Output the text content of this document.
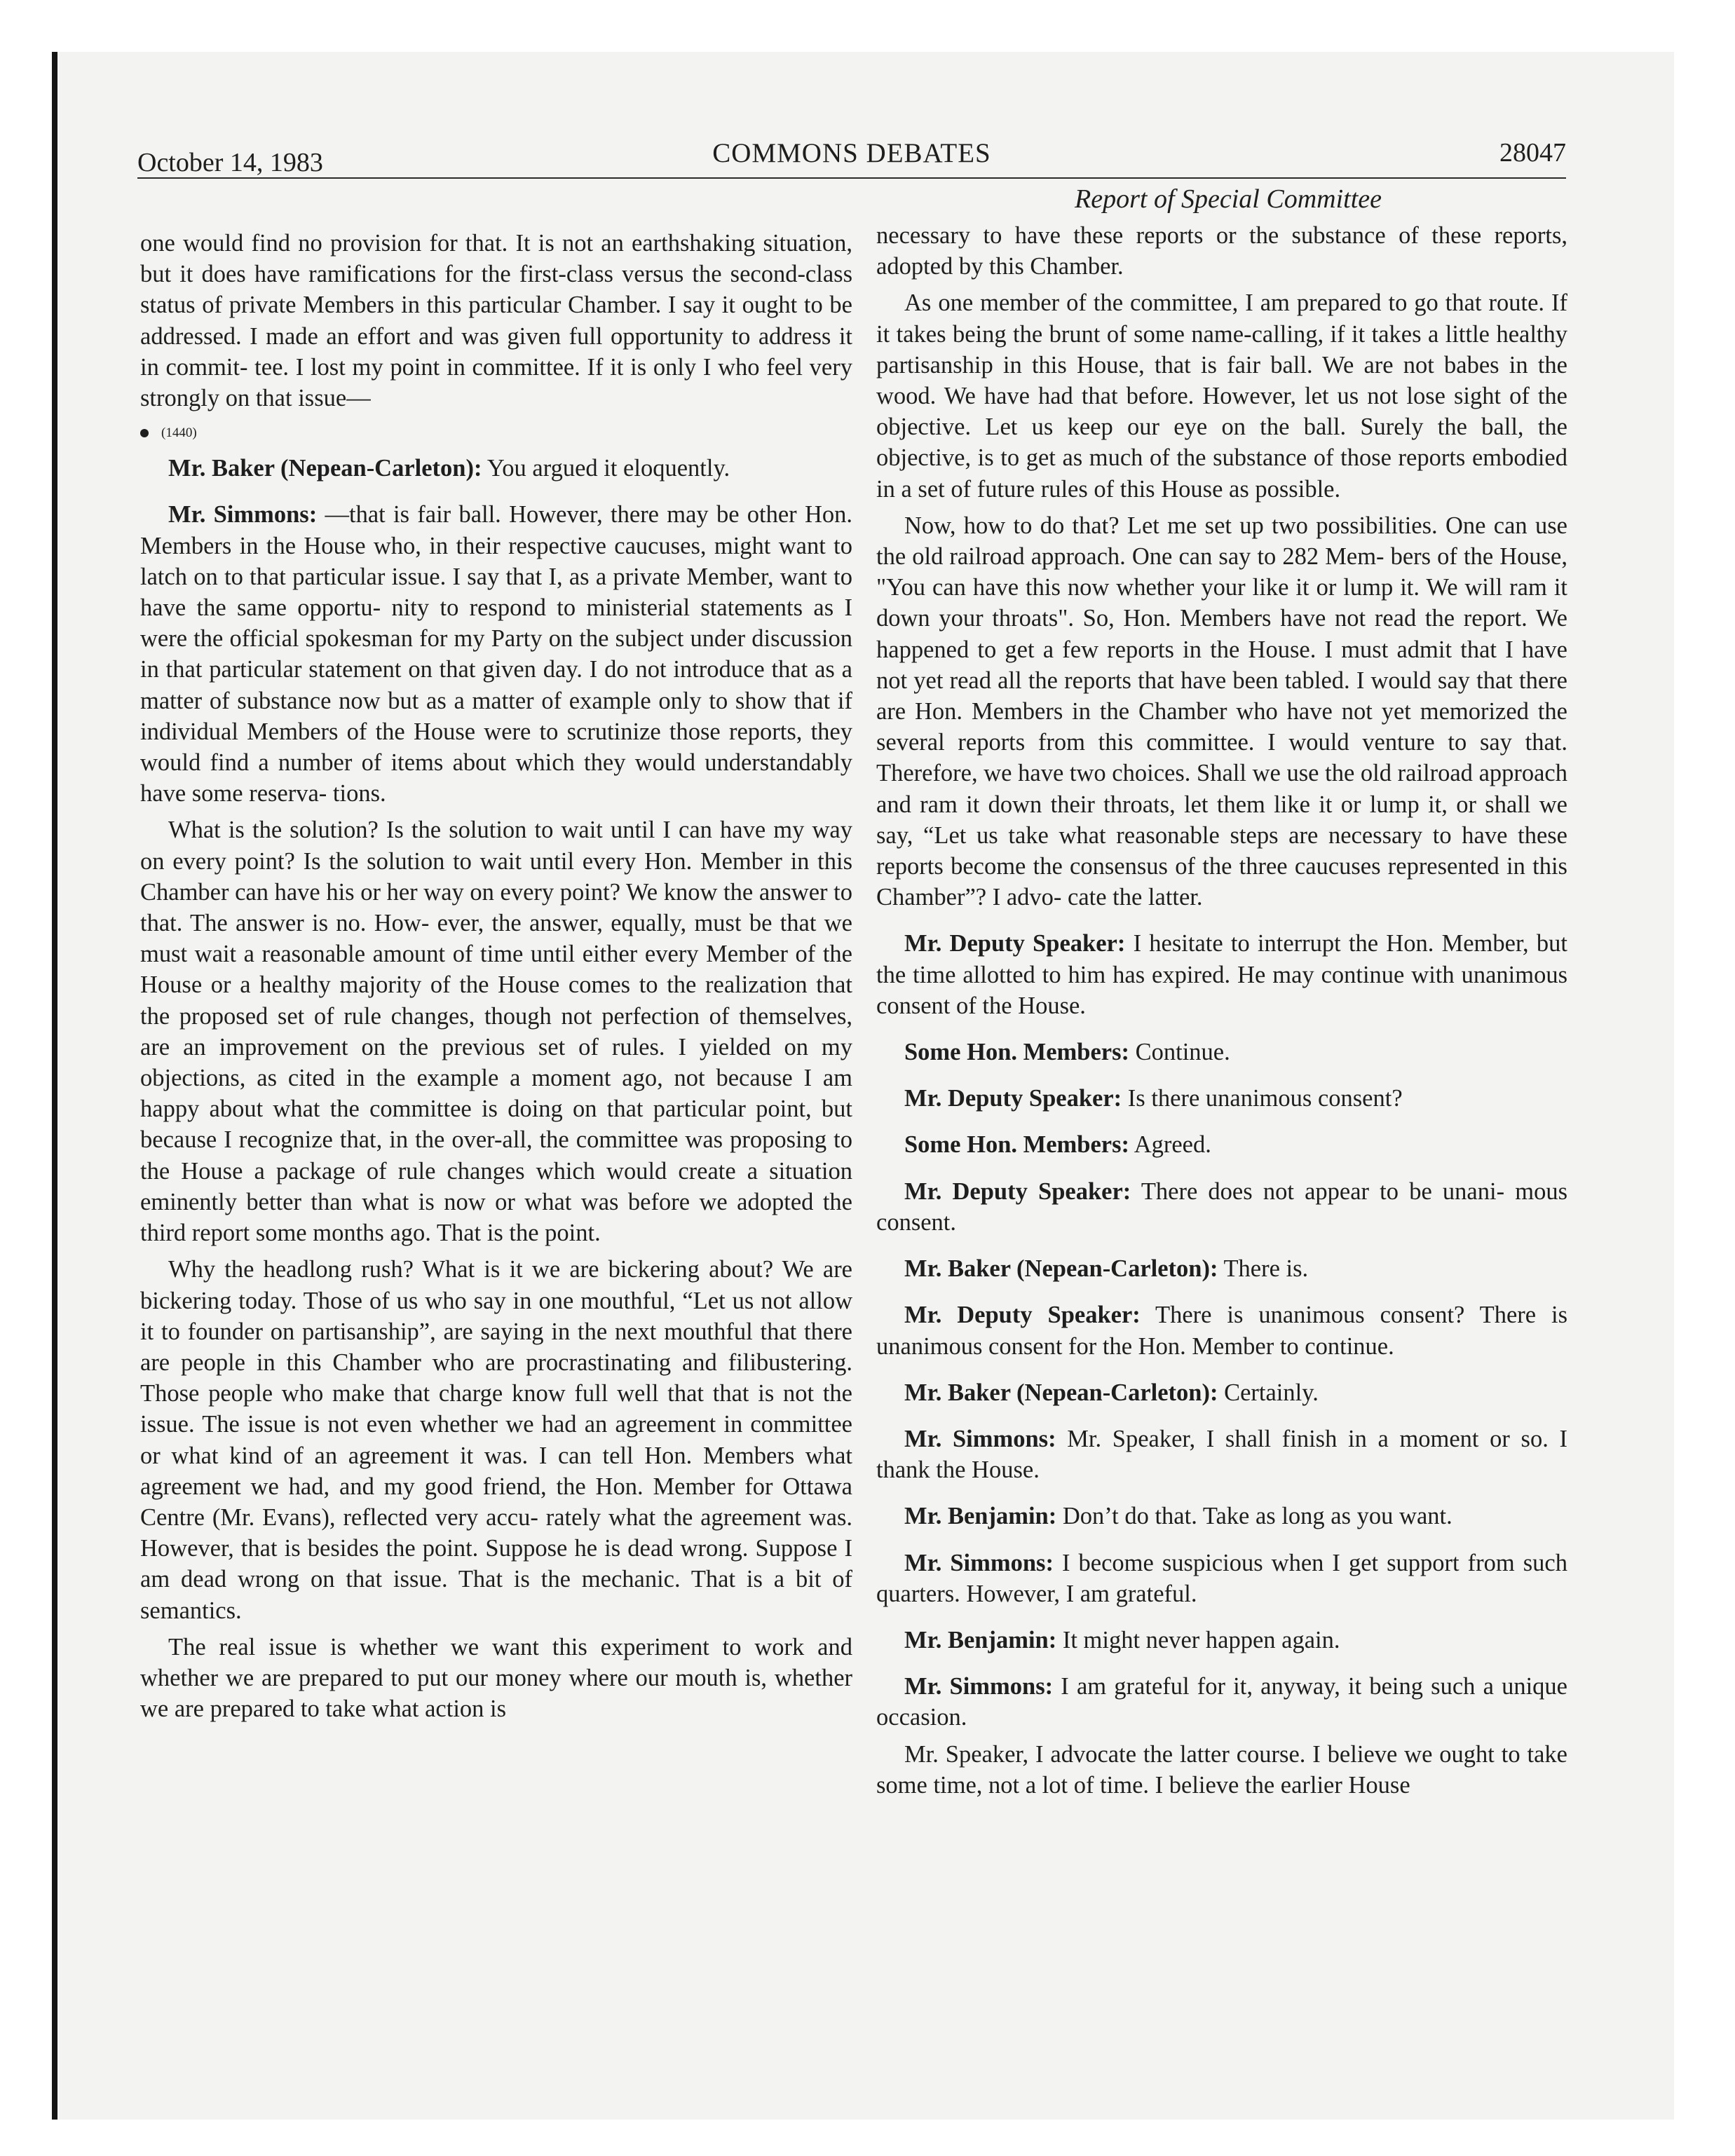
October 14, 1983	COMMONS DEBATES	28047
Report of Special Committee

one would find no provision for that. It is not an earthshaking situation, but it does have ramifications for the first-class versus the second-class status of private Members in this particular Chamber. I say it ought to be addressed. I made an effort and was given full opportunity to address it in commit- tee. I lost my point in committee. If it is only I who feel very strongly on that issue—

(1440)

Mr. Baker (Nepean-Carleton): You argued it eloquently.

Mr. Simmons: —that is fair ball. However, there may be other Hon. Members in the House who, in their respective caucuses, might want to latch on to that particular issue. I say that I, as a private Member, want to have the same opportu- nity to respond to ministerial statements as I were the official spokesman for my Party on the subject under discussion in that particular statement on that given day. I do not introduce that as a matter of substance now but as a matter of example only to show that if individual Members of the House were to scrutinize those reports, they would find a number of items about which they would understandably have some reserva- tions.

What is the solution? Is the solution to wait until I can have my way on every point? Is the solution to wait until every Hon. Member in this Chamber can have his or her way on every point? We know the answer to that. The answer is no. How- ever, the answer, equally, must be that we must wait a reasonable amount of time until either every Member of the House or a healthy majority of the House comes to the realization that the proposed set of rule changes, though not perfection of themselves, are an improvement on the previous set of rules. I yielded on my objections, as cited in the example a moment ago, not because I am happy about what the committee is doing on that particular point, but because I recognize that, in the over-all, the committee was proposing to the House a package of rule changes which would create a situation eminently better than what is now or what was before we adopted the third report some months ago. That is the point.

Why the headlong rush? What is it we are bickering about? We are bickering today. Those of us who say in one mouthful, “Let us not allow it to founder on partisanship”, are saying in the next mouthful that there are people in this Chamber who are procrastinating and filibustering. Those people who make that charge know full well that that is not the issue. The issue is not even whether we had an agreement in committee or what kind of an agreement it was. I can tell Hon. Members what agreement we had, and my good friend, the Hon. Member for Ottawa Centre (Mr. Evans), reflected very accu- rately what the agreement was. However, that is besides the point. Suppose he is dead wrong. Suppose I am dead wrong on that issue. That is the mechanic. That is a bit of semantics.

The real issue is whether we want this experiment to work and whether we are prepared to put our money where our mouth is, whether we are prepared to take what action is

necessary to have these reports or the substance of these reports, adopted by this Chamber.

As one member of the committee, I am prepared to go that route. If it takes being the brunt of some name-calling, if it takes a little healthy partisanship in this House, that is fair ball. We are not babes in the wood. We have had that before. However, let us not lose sight of the objective. Let us keep our eye on the ball. Surely the ball, the objective, is to get as much of the substance of those reports embodied in a set of future rules of this House as possible.

Now, how to do that? Let me set up two possibilities. One can use the old railroad approach. One can say to 282 Mem- bers of the House, "You can have this now whether your like it or lump it. We will ram it down your throats". So, Hon. Members have not read the report. We happened to get a few reports in the House. I must admit that I have not yet read all the reports that have been tabled. I would say that there are Hon. Members in the Chamber who have not yet memorized the several reports from this committee. I would venture to say that. Therefore, we have two choices. Shall we use the old railroad approach and ram it down their throats, let them like it or lump it, or shall we say, “Let us take what reasonable steps are necessary to have these reports become the consensus of the three caucuses represented in this Chamber”? I advo- cate the latter.

Mr. Deputy Speaker: I hesitate to interrupt the Hon. Member, but the time allotted to him has expired. He may continue with unanimous consent of the House.

Some Hon. Members: Continue.

Mr. Deputy Speaker: Is there unanimous consent?

Some Hon. Members: Agreed.

Mr. Deputy Speaker: There does not appear to be unani- mous consent.

Mr. Baker (Nepean-Carleton): There is.

Mr. Deputy Speaker: There is unanimous consent? There is unanimous consent for the Hon. Member to continue.

Mr. Baker (Nepean-Carleton): Certainly.

Mr. Simmons: Mr. Speaker, I shall finish in a moment or so. I thank the House.

Mr. Benjamin: Don’t do that. Take as long as you want.

Mr. Simmons: I become suspicious when I get support from such quarters. However, I am grateful.

Mr. Benjamin: It might never happen again.

Mr. Simmons: I am grateful for it, anyway, it being such a unique occasion.

Mr. Speaker, I advocate the latter course. I believe we ought to take some time, not a lot of time. I believe the earlier House
